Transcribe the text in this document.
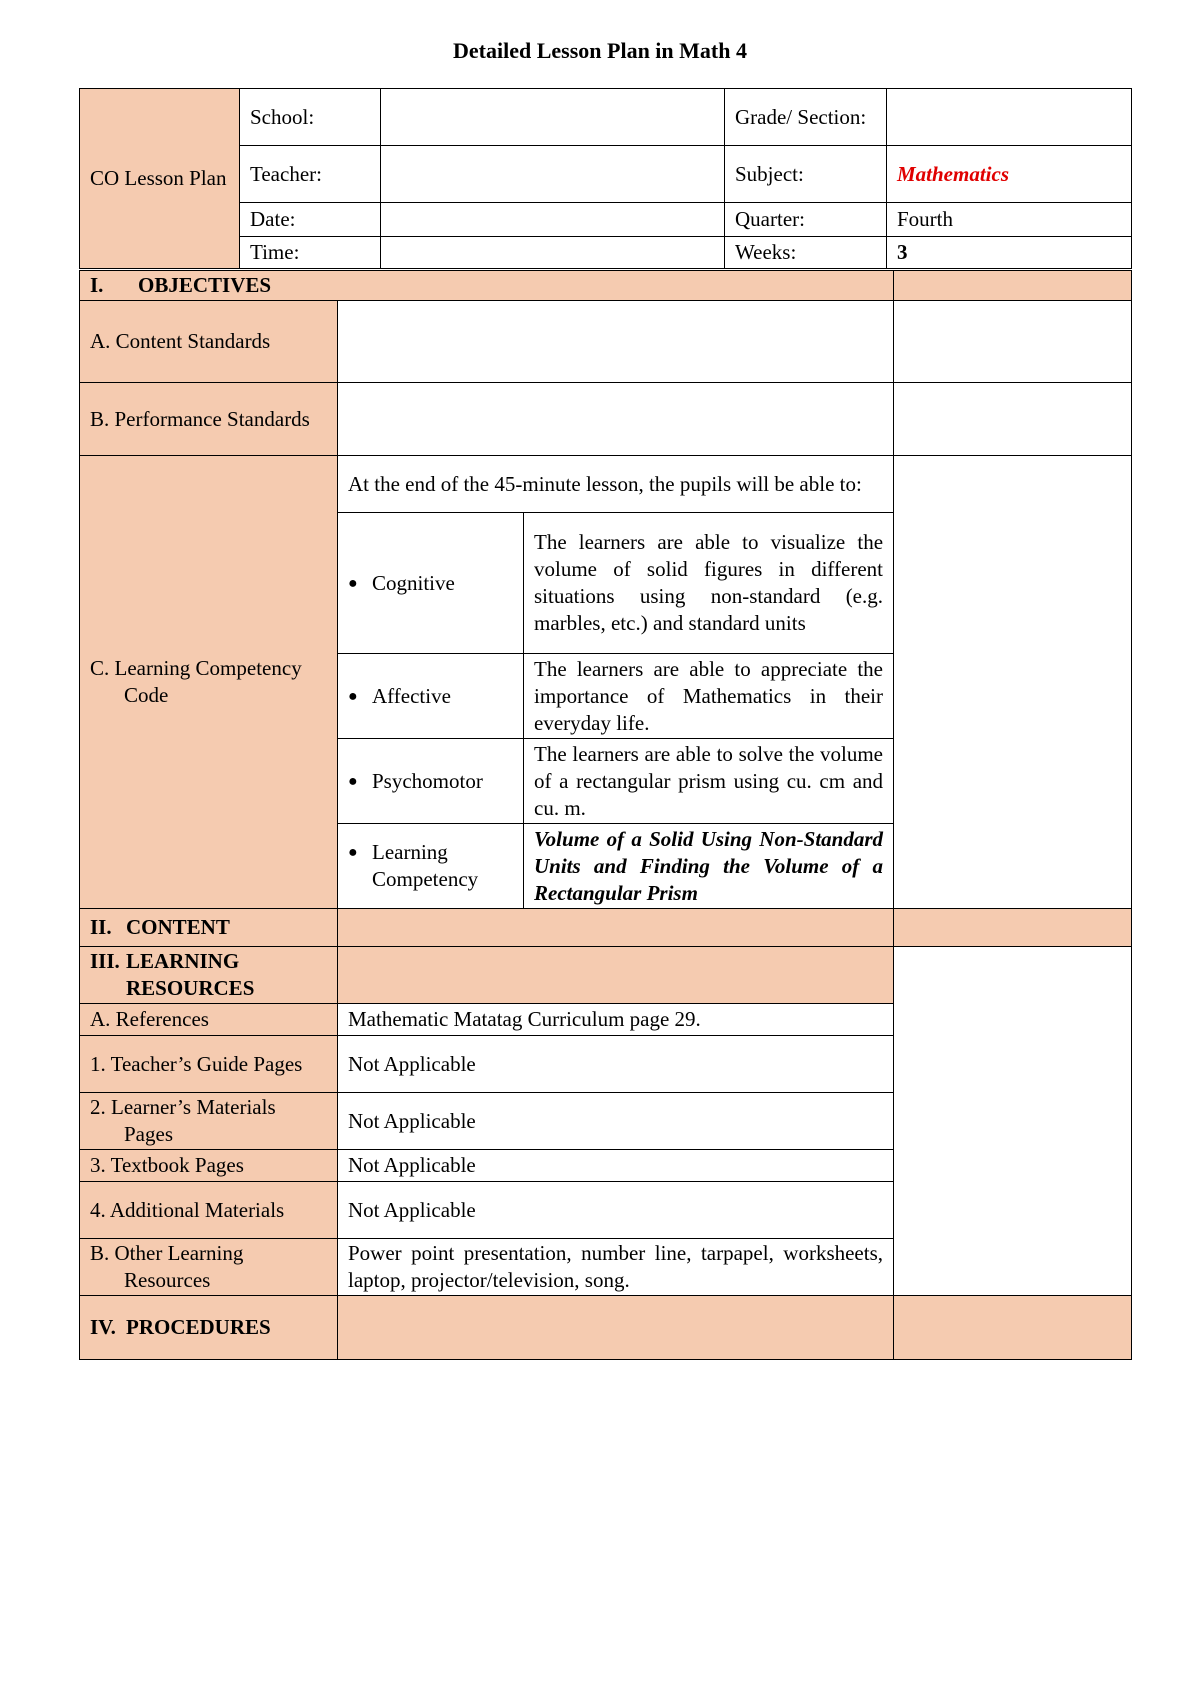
Detailed Lesson Plan in Math 4
CO Lesson Plan	School:		Grade/ Section:	
	Teacher:		Subject:	Mathematics
	Date:		Quarter:	Fourth
	Time:		Weeks:	3
I. OBJECTIVES			
A. Content Standards			

B. Performance Standards			

C. Learning Competency Code	At the end of the 45-minute lesson, the pupils will be able to:		

	● Cognitive	The learners are able to visualize the volume of solid figures in different situations using non-standard (e.g. marbles, etc.) and standard units	

	● Affective	The learners are able to appreciate the importance of Mathematics in their everyday life.	

	● Psychomotor	The learners are able to solve the volume of a rectangular prism using cu. cm and cu. m.	

	● Learning Competency	Volume of a Solid Using Non-Standard Units and Finding the Volume of a Rectangular Prism	
II. CONTENT			

III. LEARNING RESOURCES			

A. References	Mathematic Matatag Curriculum page 29.		

1. Teacher’s Guide Pages	Not Applicable		

2. Learner’s Materials Pages	Not Applicable		

3. Textbook Pages	Not Applicable		

4. Additional Materials	Not Applicable		

B. Other Learning Resources	Power point presentation, number line, tarpapel, worksheets, laptop, projector/television, song.		
IV. PROCEDURES			
